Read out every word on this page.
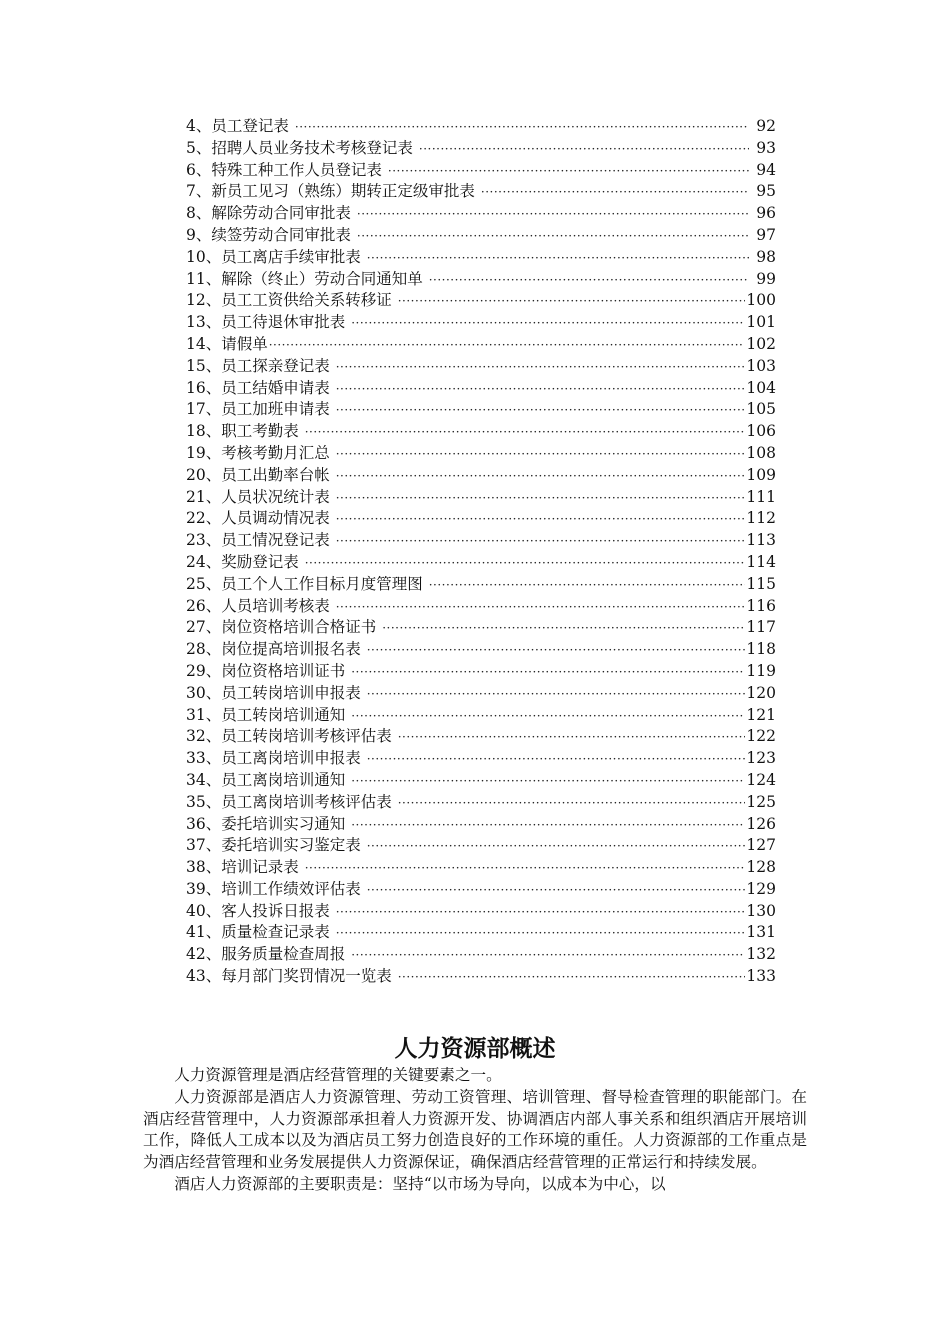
4、员工登记表 ·····	92
5、招聘人员业务技术考核登记表 ·····	93
6、特殊工种工作人员登记表 ·····	94
7、新员工见习（熟练）期转正定级审批表 ·····	95
8、解除劳动合同审批表 ·····	96
9、续签劳动合同审批表 ·····	97
10、员工离店手续审批表 ·····	98
11、解除（终止）劳动合同通知单 ·····	99
12、员工工资供给关系转移证 ·····	100
13、员工待退休审批表 ·····	101
14、请假单 ·····	102
15、员工探亲登记表 ·····	103
16、员工结婚申请表 ·····	104
17、员工加班申请表 ·····	105
18、职工考勤表 ·····	106
19、考核考勤月汇总 ·····	108
20、员工出勤率台帐 ·····	109
21、人员状况统计表 ·····	111
22、人员调动情况表 ·····	112
23、员工情况登记表 ·····	113
24、奖励登记表 ·····	114
25、员工个人工作目标月度管理图 ·····	115
26、人员培训考核表 ·····	116
27、岗位资格培训合格证书 ·····	117
28、岗位提高培训报名表 ·····	118
29、岗位资格培训证书 ·····	119
30、员工转岗培训申报表 ·····	120
31、员工转岗培训通知 ·····	121
32、员工转岗培训考核评估表 ·····	122
33、员工离岗培训申报表 ·····	123
34、员工离岗培训通知 ·····	124
35、员工离岗培训考核评估表 ·····	125
36、委托培训实习通知 ·····	126
37、委托培训实习鉴定表 ·····	127
38、培训记录表 ·····	128
39、培训工作绩效评估表 ·····	129
40、客人投诉日报表 ·····	130
41、质量检查记录表 ·····	131
42、服务质量检查周报 ·····	132
43、每月部门奖罚情况一览表 ·····	133
人力资源部概述

人力资源管理是酒店经营管理的关键要素之一。

人力资源部是酒店人力资源管理、劳动工资管理、培训管理、督导检查管理的职能部门。在酒店经营管理中，人力资源部承担着人力资源开发、协调酒店内部人事关系和组织酒店开展培训工作，降低人工成本以及为酒店员工努力创造良好的工作环境的重任。人力资源部的工作重点是为酒店经营管理和业务发展提供人力资源保证，确保酒店经营管理的正常运行和持续发展。

酒店人力资源部的主要职责是：坚持“以市场为导向，以成本为中心，以
